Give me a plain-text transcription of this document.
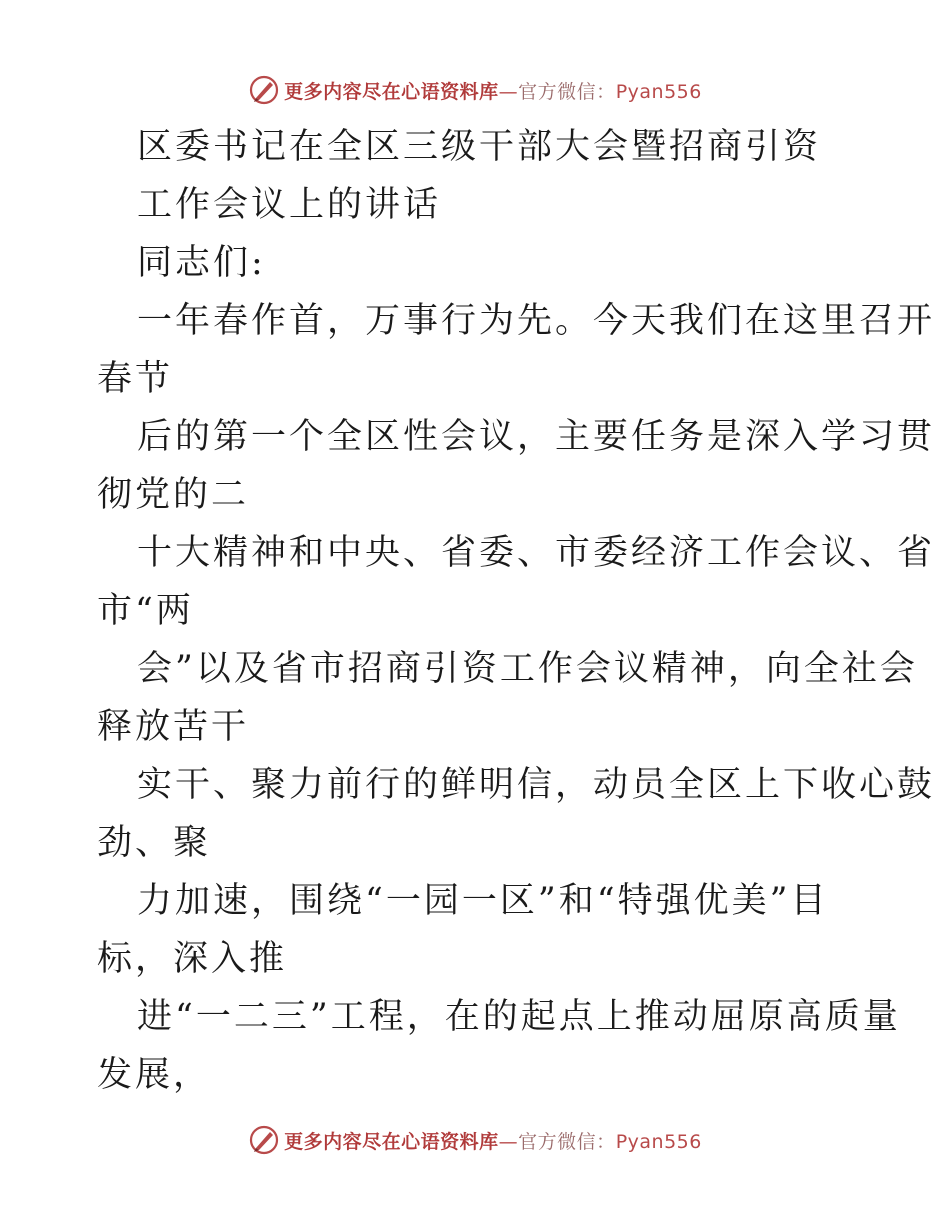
更多内容尽在心语资料库—官方微信：Pyan556
区委书记在全区三级干部大会暨招商引资
工作会议上的讲话
同志们:
一年春作首，万事行为先。今天我们在这里召开
春节
后的第一个全区性会议，主要任务是深入学习贯
彻党的二
十大精神和中央、省委、市委经济工作会议、省
市“两
会”以及省市招商引资工作会议精神，向全社会
释放苦干
实干、聚力前行的鲜明信，动员全区上下收心鼓
劲、聚
力加速，围绕“一园一区”和“特强优美”目
标，深入推
进“一二三”工程，在的起点上推动屈原高质量
发展，
更多内容尽在心语资料库—官方微信：Pyan556
